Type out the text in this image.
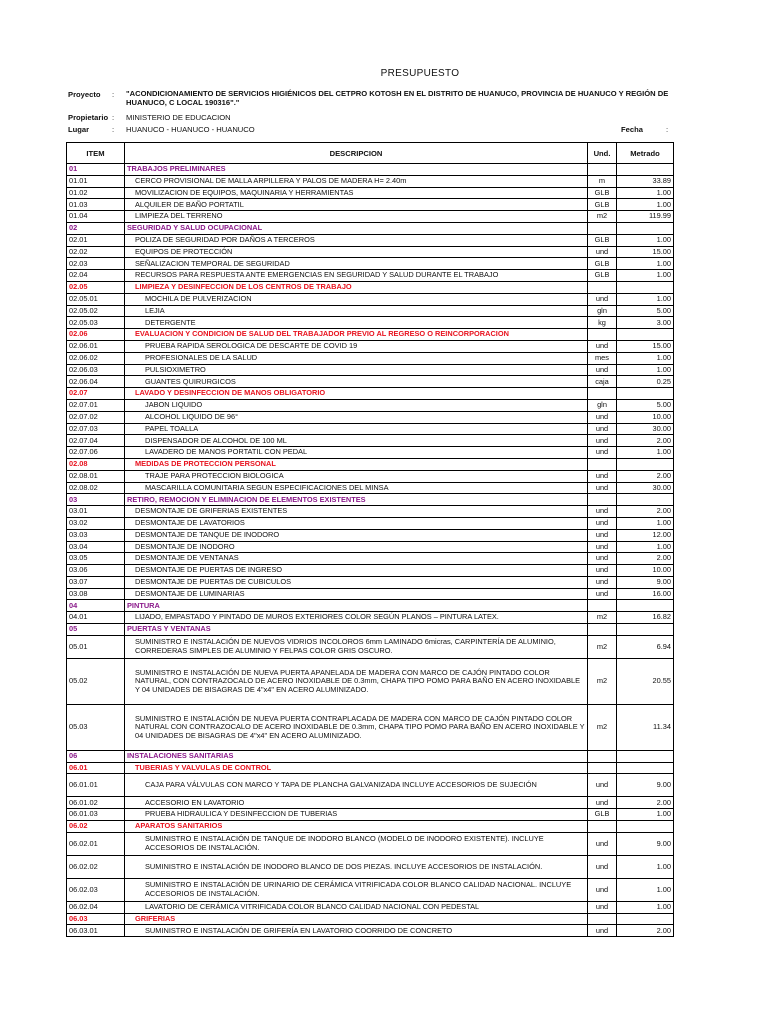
PRESUPUESTO
Proyecto : "ACONDICIONAMIENTO DE SERVICIOS HIGIÉNICOS DEL CETPRO KOTOSH EN EL DISTRITO DE HUANUCO, PROVINCIA DE HUANUCO Y REGIÓN DE HUANUCO, C LOCAL 190316"."
Propietario : MINISTERIO DE EDUCACION
Lugar	: HUANUCO - HUANUCO - HUANUCO	Fecha	:
ITEM	DESCRIPCION	Und.	Metrado
01	TRABAJOS PRELIMINARES		
01.01	CERCO PROVISIONAL DE MALLA ARPILLERA Y PALOS DE MADERA H= 2.40m	m	33.89
01.02	MOVILIZACION DE EQUIPOS, MAQUINARIA Y HERRAMIENTAS	GLB	1.00
01.03	ALQUILER DE BAÑO PORTATIL	GLB	1.00
01.04	LIMPIEZA DEL TERRENO	m2	119.99
02	SEGURIDAD Y SALUD OCUPACIONAL		
02.01	POLIZA DE SEGURIDAD POR DAÑOS A TERCEROS	GLB	1.00
02.02	EQUIPOS DE PROTECCIÓN	und	15.00
02.03	SEÑALIZACION TEMPORAL DE SEGURIDAD	GLB	1.00
02.04	RECURSOS PARA RESPUESTA ANTE EMERGENCIAS EN SEGURIDAD Y SALUD DURANTE EL TRABAJO	GLB	1.00
02.05	LIMPIEZA Y DESINFECCION DE LOS CENTROS DE TRABAJO		
02.05.01	MOCHILA DE PULVERIZACION	und	1.00
02.05.02	LEJIA	gln	5.00
02.05.03	DETERGENTE	kg	3.00
02.06	EVALUACION Y CONDICION DE SALUD DEL TRABAJADOR PREVIO AL REGRESO O REINCORPORACION		
02.06.01	PRUEBA RAPIDA SEROLOGICA DE DESCARTE DE COVID 19	und	15.00
02.06.02	PROFESIONALES DE LA SALUD	mes	1.00
02.06.03	PULSIOXIMETRO	und	1.00
02.06.04	GUANTES QUIRURGICOS	caja	0.25
02.07	LAVADO Y DESINFECCION DE MANOS OBLIGATORIO		
02.07.01	JABON LIQUIDO	gln	5.00
02.07.02	ALCOHOL LIQUIDO DE 96°	und	10.00
02.07.03	PAPEL TOALLA	und	30.00
02.07.04	DISPENSADOR DE ALCOHOL DE 100 ML	und	2.00
02.07.06	LAVADERO DE MANOS PORTATIL CON PEDAL	und	1.00
02.08	MEDIDAS DE PROTECCION PERSONAL		
02.08.01	TRAJE PARA PROTECCION BIOLOGICA	und	2.00
02.08.02	MASCARILLA COMUNITARIA SEGUN ESPECIFICACIONES DEL MINSA	und	30.00
03	RETIRO, REMOCION Y ELIMINACION DE ELEMENTOS EXISTENTES		
03.01	DESMONTAJE DE GRIFERIAS EXISTENTES	und	2.00
03.02	DESMONTAJE DE LAVATORIOS	und	1.00
03.03	DESMONTAJE DE TANQUE DE INODORO	und	12.00
03.04	DESMONTAJE DE INODORO	und	1.00
03.05	DESMONTAJE DE VENTANAS	und	2.00
03.06	DESMONTAJE DE PUERTAS DE INGRESO	und	10.00
03.07	DESMONTAJE DE PUERTAS DE CUBICULOS	und	9.00
03.08	DESMONTAJE DE LUMINARIAS	und	16.00
04	PINTURA		
04.01	LIJADO, EMPASTADO Y PINTADO DE MUROS EXTERIORES COLOR SEGÚN PLANOS – PINTURA LATEX.	m2	16.82
05	PUERTAS Y VENTANAS		
05.01	SUMINISTRO E INSTALACIÓN DE NUEVOS VIDRIOS INCOLOROS 6mm LAMINADO 6micras, CARPINTERÍA DE ALUMINIO, CORREDERAS SIMPLES DE ALUMINIO Y FELPAS COLOR GRIS OSCURO.	m2	6.94
05.02	SUMINISTRO E INSTALACIÓN DE NUEVA PUERTA APANELADA DE MADERA CON MARCO DE CAJÓN PINTADO COLOR NATURAL, CON CONTRAZOCALO DE ACERO INOXIDABLE DE 0.3mm, CHAPA TIPO POMO PARA BAÑO EN ACERO INOXIDABLE Y 04 UNIDADES DE BISAGRAS DE 4"x4" EN ACERO ALUMINIZADO.	m2	20.55
05.03	SUMINISTRO E INSTALACIÓN DE NUEVA PUERTA CONTRAPLACADA DE MADERA CON MARCO DE CAJÓN PINTADO COLOR NATURAL CON CONTRAZOCALO DE ACERO INOXIDABLE DE 0.3mm, CHAPA TIPO POMO PARA BAÑO EN ACERO INOXIDABLE Y 04 UNIDADES DE BISAGRAS DE 4"x4" EN ACERO ALUMINIZADO.	m2	11.34
06	INSTALACIONES SANITARIAS		
06.01	TUBERIAS Y VALVULAS DE CONTROL		
06.01.01	CAJA PARA VÁLVULAS CON MARCO Y TAPA DE PLANCHA GALVANIZADA INCLUYE ACCESORIOS DE SUJECIÓN	und	9.00
06.01.02	ACCESORIO EN LAVATORIO	und	2.00
06.01.03	PRUEBA HIDRAULICA Y DESINFECCION DE TUBERIAS	GLB	1.00
06.02	APARATOS SANITARIOS		
06.02.01	SUMINISTRO E INSTALACIÓN DE TANQUE DE INODORO BLANCO (MODELO DE INODORO EXISTENTE). INCLUYE ACCESORIOS DE INSTALACIÓN.	und	9.00
06.02.02	SUMINISTRO E INSTALACIÓN DE INODORO BLANCO DE DOS PIEZAS. INCLUYE ACCESORIOS DE INSTALACIÓN.	und	1.00
06.02.03	SUMINISTRO E INSTALACIÓN DE URINARIO DE CERÁMICA VITRIFICADA COLOR BLANCO CALIDAD NACIONAL. INCLUYE ACCESORIOS DE INSTALACIÓN.	und	1.00
06.02.04	LAVATORIO DE CERÁMICA VITRIFICADA COLOR BLANCO CALIDAD NACIONAL CON PEDESTAL	und	1.00
06.03	GRIFERIAS		
06.03.01	SUMINISTRO E INSTALACIÓN DE GRIFERÍA EN LAVATORIO COORRIDO DE CONCRETO	und	2.00
